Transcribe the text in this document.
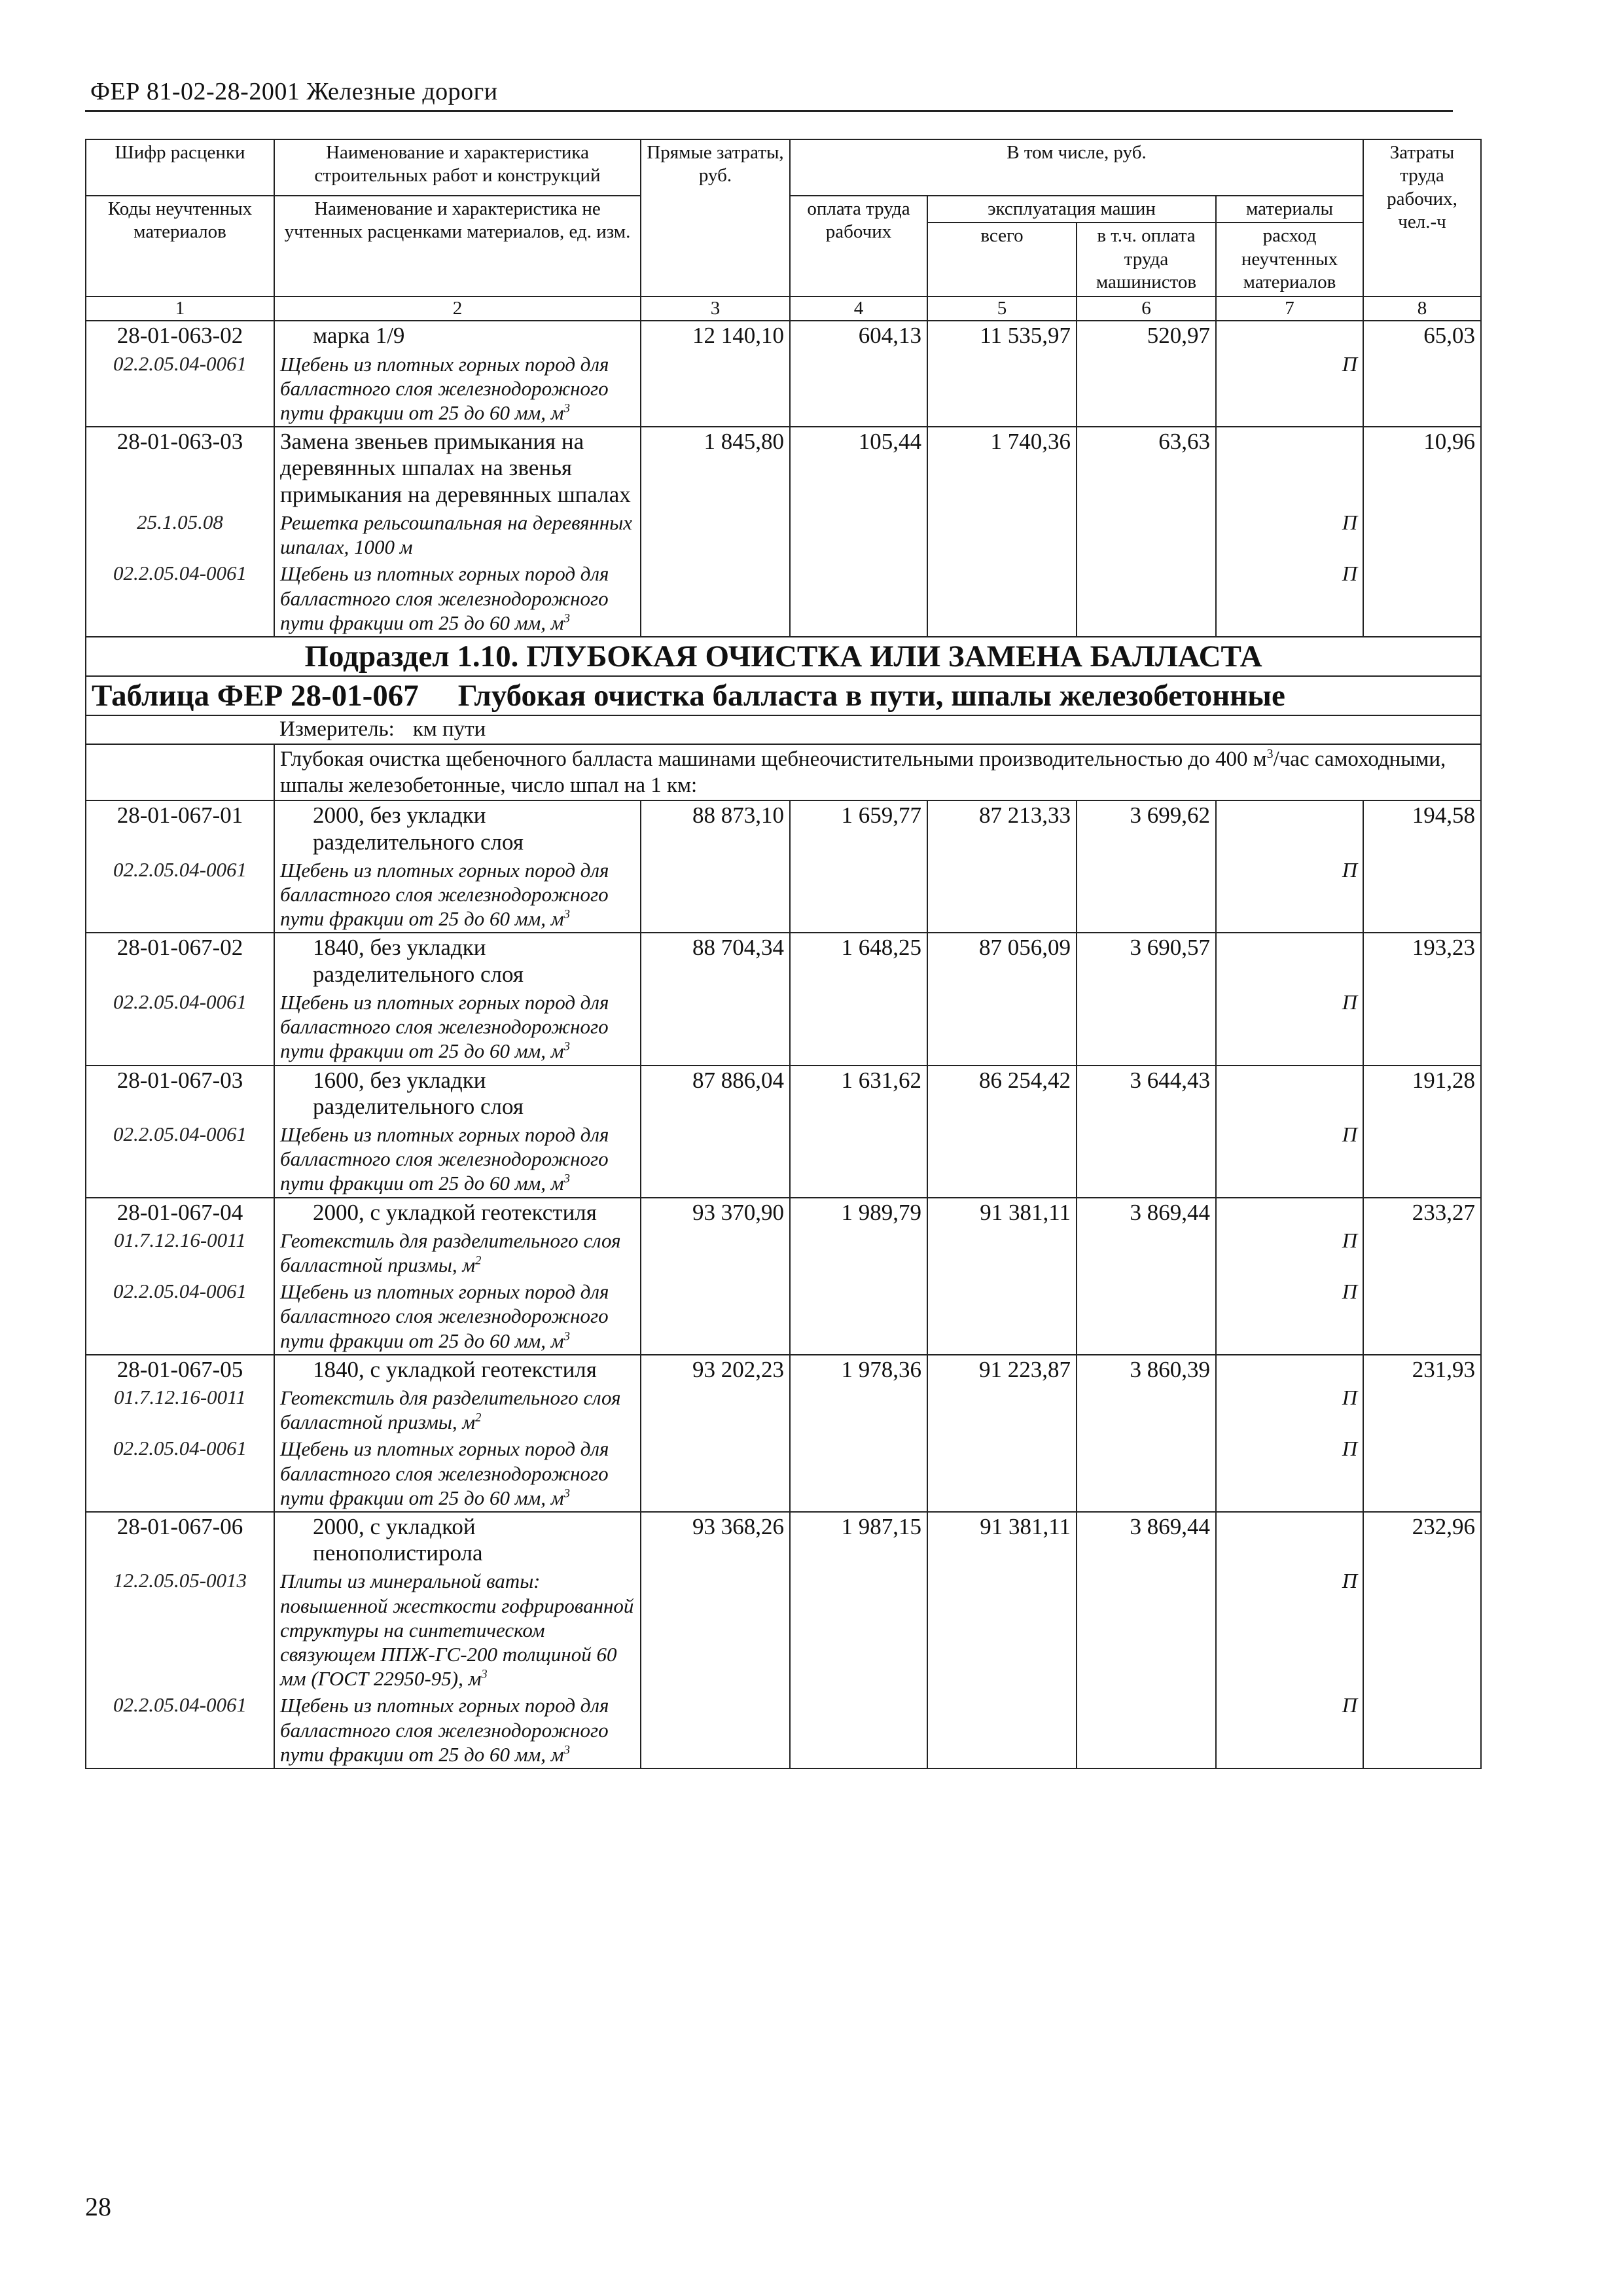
ФЕР 81-02-28-2001 Железные дороги
Шифр расценки	Наименование и характеристика строительных работ и конструкций	Прямые затраты, руб.	В том числе, руб.				Затраты труда рабочих, чел.-ч
Коды неучтенных материалов	Наименование и характеристика не учтенных расценками материалов, ед. изм.		оплата труда рабочих	эксплуатация машин		материалы	
				всего	в т.ч. оплата труда машинистов	расход неучтенных материалов	
1	2	3	4	5	6	7	8
28-01-063-02	марка 1/9	12 140,10	604,13	11 535,97	520,97		65,03
02.2.05.04-0061	Щебень из плотных горных пород для балластного слоя железнодорожного пути фракции от 25 до 60 мм, $м^3$					П	
28-01-063-03	Замена звеньев примыкания на деревянных шпалах на звенья примыкания на деревянных шпалах	1 845,80	105,44	1 740,36	63,63		10,96
25.1.05.08	Решетка рельсошпальная на деревянных шпалах, 1000 м					П	
02.2.05.04-0061	Щебень из плотных горных пород для балластного слоя железнодорожного пути фракции от 25 до 60 мм, $м^3$					П	
Подраздел 1.10. ГЛУБОКАЯ ОЧИСТКА ИЛИ ЗАМЕНА БАЛЛАСТА							
Таблица ФЕР 28-01-067 Глубокая очистка балласта в пути, шпалы железобетонные							
	Измеритель: км пути						
	Глубокая очистка щебеночного балласта машинами щебнеочистительными производительностью до 400 $м^3$/час самоходными, шпалы железобетонные, число шпал на 1 км:						
28-01-067-01	2000, без укладки разделительного слоя	88 873,10	1 659,77	87 213,33	3 699,62		194,58
02.2.05.04-0061	Щебень из плотных горных пород для балластного слоя железнодорожного пути фракции от 25 до 60 мм, $м^3$					П	
28-01-067-02	1840, без укладки разделительного слоя	88 704,34	1 648,25	87 056,09	3 690,57		193,23
02.2.05.04-0061	Щебень из плотных горных пород для балластного слоя железнодорожного пути фракции от 25 до 60 мм, $м^3$					П	
28-01-067-03	1600, без укладки разделительного слоя	87 886,04	1 631,62	86 254,42	3 644,43		191,28
02.2.05.04-0061	Щебень из плотных горных пород для балластного слоя железнодорожного пути фракции от 25 до 60 мм, $м^3$					П	
28-01-067-04	2000, с укладкой геотекстиля	93 370,90	1 989,79	91 381,11	3 869,44		233,27
01.7.12.16-0011	Геотекстиль для разделительного слоя балластной призмы, $м^2$					П	
02.2.05.04-0061	Щебень из плотных горных пород для балластного слоя железнодорожного пути фракции от 25 до 60 мм, $м^3$					П	
28-01-067-05	1840, с укладкой геотекстиля	93 202,23	1 978,36	91 223,87	3 860,39		231,93
01.7.12.16-0011	Геотекстиль для разделительного слоя балластной призмы, $м^2$					П	
02.2.05.04-0061	Щебень из плотных горных пород для балластного слоя железнодорожного пути фракции от 25 до 60 мм, $м^3$					П	
28-01-067-06	2000, с укладкой пенополистирола	93 368,26	1 987,15	91 381,11	3 869,44		232,96
12.2.05.05-0013	Плиты из минеральной ваты: повышенной жесткости гофрированной структуры на синтетическом связующем ППЖ-ГС-200 толщиной 60 мм (ГОСТ 22950-95), $м^3$					П	
02.2.05.04-0061	Щебень из плотных горных пород для балластного слоя железнодорожного пути фракции от 25 до 60 мм, $м^3$					П	
28
